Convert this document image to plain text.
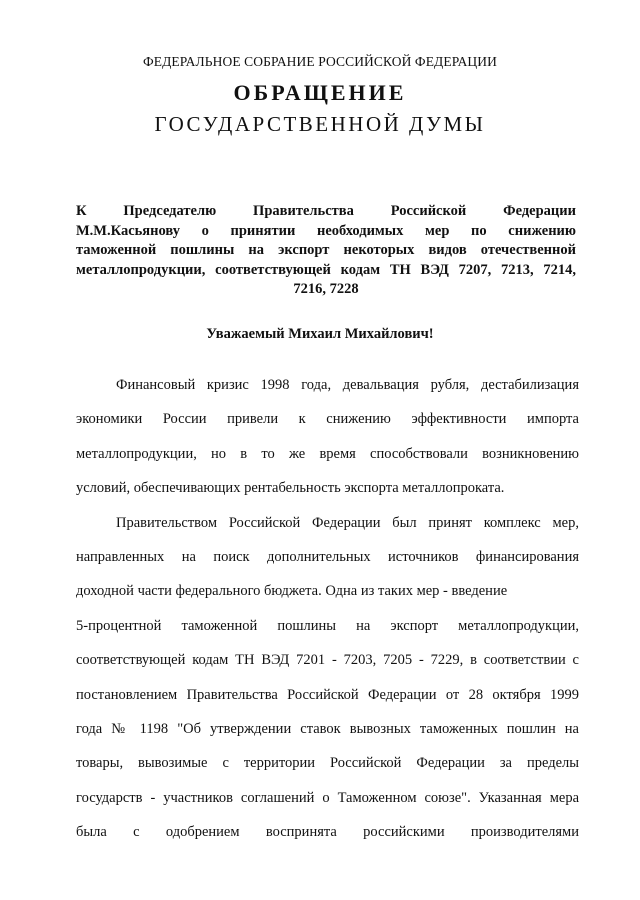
ФЕДЕРАЛЬНОЕ СОБРАНИЕ РОССИЙСКОЙ ФЕДЕРАЦИИ
ОБРАЩЕНИЕ
ГОСУДАРСТВЕННОЙ ДУМЫ
К Председателю Правительства Российской Федерации
М.М.Касьянову о принятии необходимых мер по снижению
таможенной пошлины на экспорт некоторых видов отечественной
металлопродукции, соответствующей кодам ТН ВЭД 7207, 7213, 7214,
7216, 7228
Уважаемый Михаил Михайлович!
Финансовый кризис 1998 года, девальвация рубля, дестабилизация
экономики России привели к снижению эффективности импорта
металлопродукции, но в то же время способствовали возникновению
условий, обеспечивающих рентабельность экспорта металлопроката.
Правительством Российской Федерации был принят комплекс мер,
направленных на поиск дополнительных источников финансирования
доходной части федерального бюджета. Одна из таких мер - введение
5-процентной таможенной пошлины на экспорт металлопродукции,
соответствующей кодам ТН ВЭД 7201 - 7203, 7205 - 7229, в соответствии с
постановлением Правительства Российской Федерации от 28 октября 1999
года № 1198 "Об утверждении ставок вывозных таможенных пошлин на
товары, вывозимые с территории Российской Федерации за пределы
государств - участников соглашений о Таможенном союзе". Указанная мера
была с одобрением воспринята российскими производителями
